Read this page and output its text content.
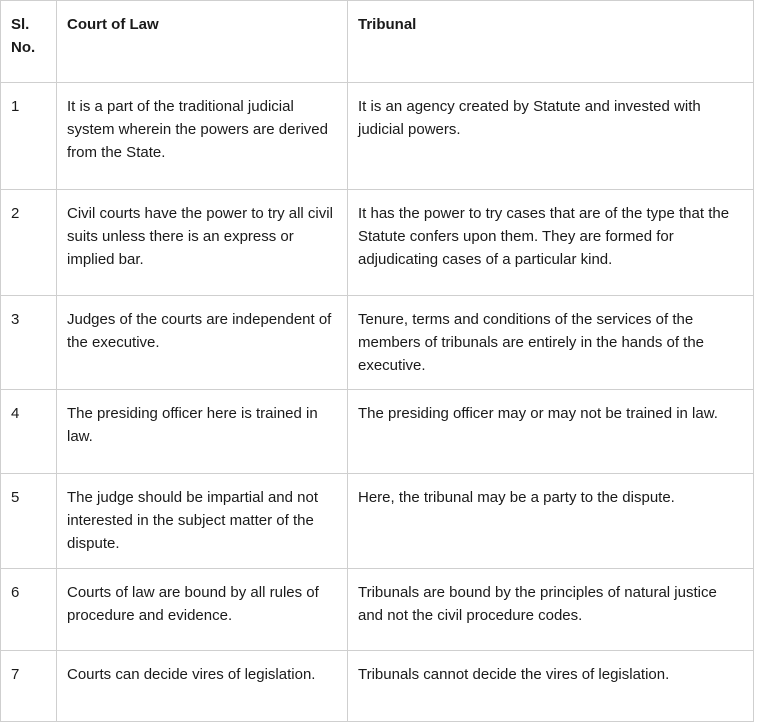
Sl. No.	Court of Law	Tribunal
1	It is a part of the traditional judicial system wherein the powers are derived from the State.	It is an agency created by Statute and invested with judicial powers.
2	Civil courts have the power to try all civil suits unless there is an express or implied bar.	It has the power to try cases that are of the type that the Statute confers upon them. They are formed for adjudicating cases of a particular kind.
3	Judges of the courts are independent of the executive.	Tenure, terms and conditions of the services of the members of tribunals are entirely in the hands of the executive.
4	The presiding officer here is trained in law.	The presiding officer may or may not be trained in law.
5	The judge should be impartial and not interested in the subject matter of the dispute.	Here, the tribunal may be a party to the dispute.
6	Courts of law are bound by all rules of procedure and evidence.	Tribunals are bound by the principles of natural justice and not the civil procedure codes.
7	Courts can decide vires of legislation.	Tribunals cannot decide the vires of legislation.
